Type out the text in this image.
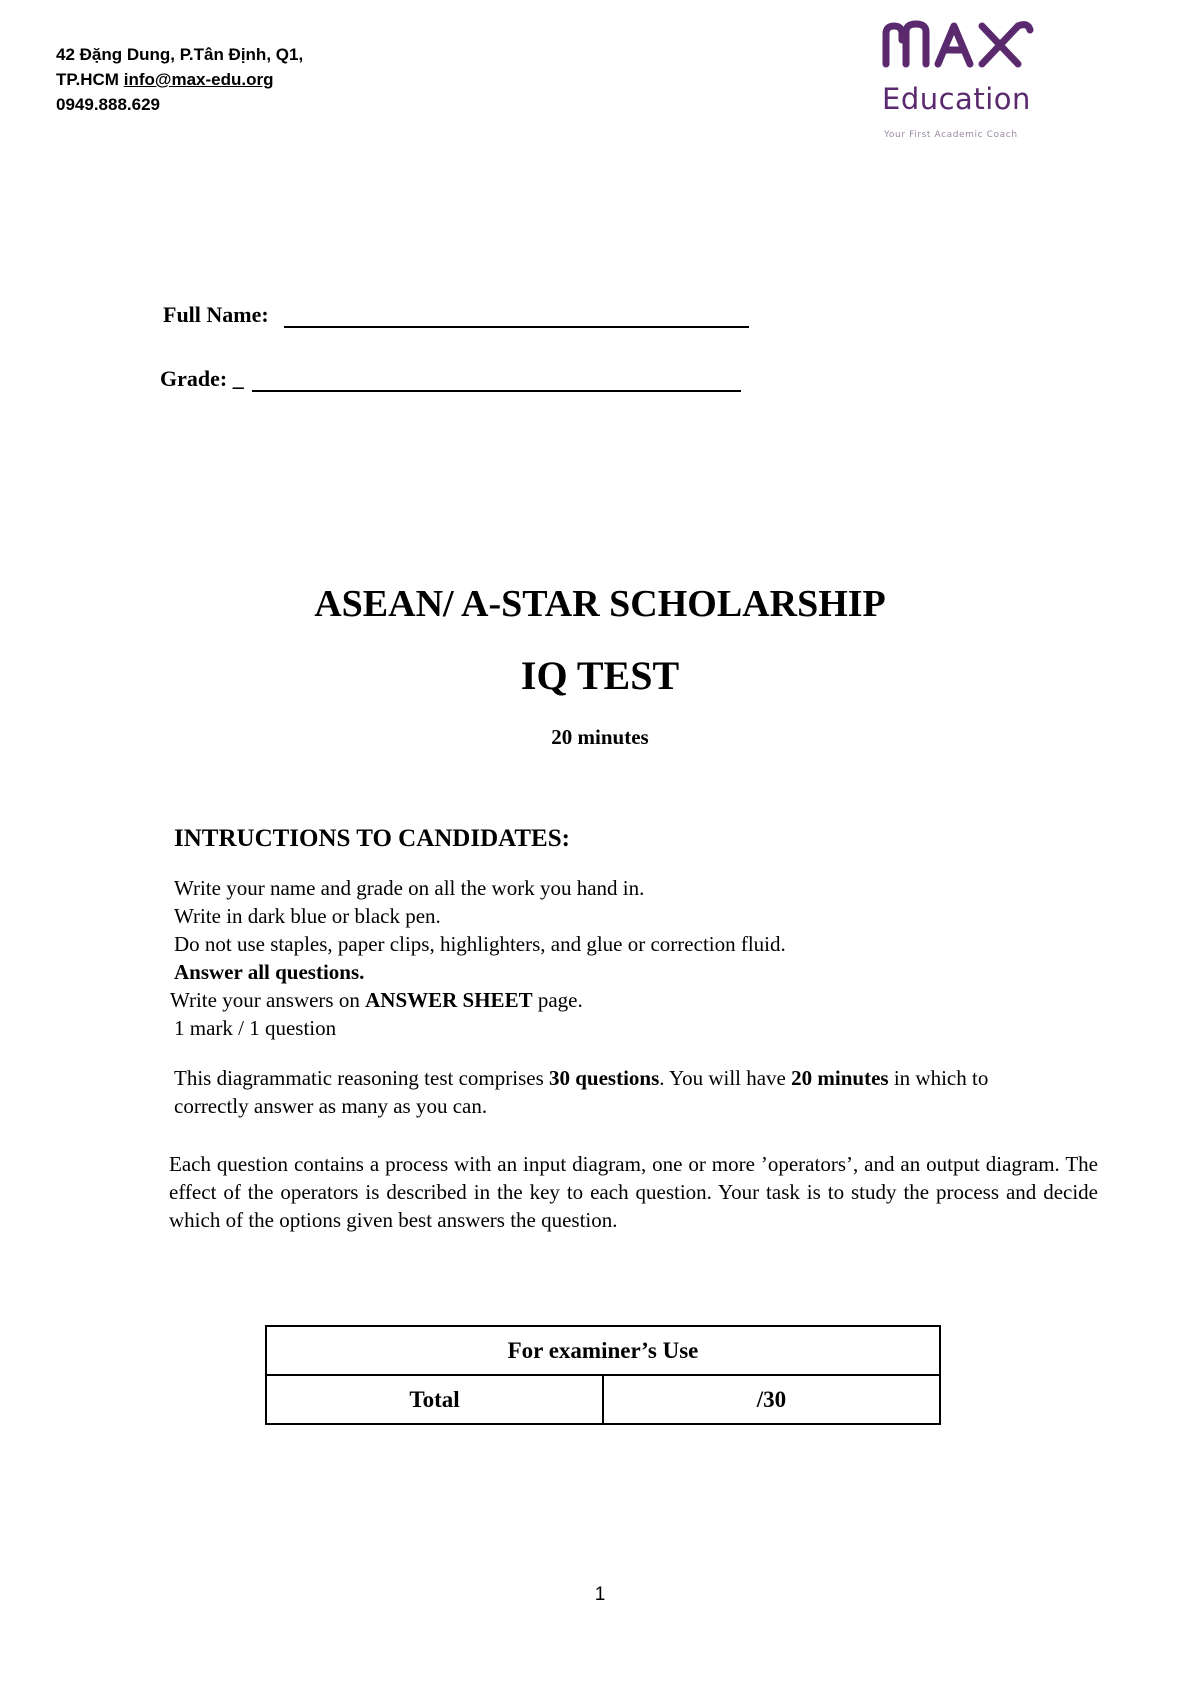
42 Đặng Dung, P.Tân Định, Q1,
TP.HCM info@max-edu.org
0949.888.629	Education
Your First Academic Coach
Full Name:
Grade: _
ASEAN/ A-STAR SCHOLARSHIP
IQ TEST
20 minutes
INTRUCTIONS TO CANDIDATES:
Write your name and grade on all the work you hand in.
Write in dark blue or black pen.
Do not use staples, paper clips, highlighters, and glue or correction fluid.
Answer all questions.
Write your answers on ANSWER SHEET page.
1 mark / 1 question
This diagrammatic reasoning test comprises 30 questions. You will have 20 minutes in which to correctly answer as many as you can.
Each question contains a process with an input diagram, one or more ’operators’, and an output diagram. The effect of the operators is described in the key to each question. Your task is to study the process and decide which of the options given best answers the question.
For examiner’s Use
Total	/30
1
